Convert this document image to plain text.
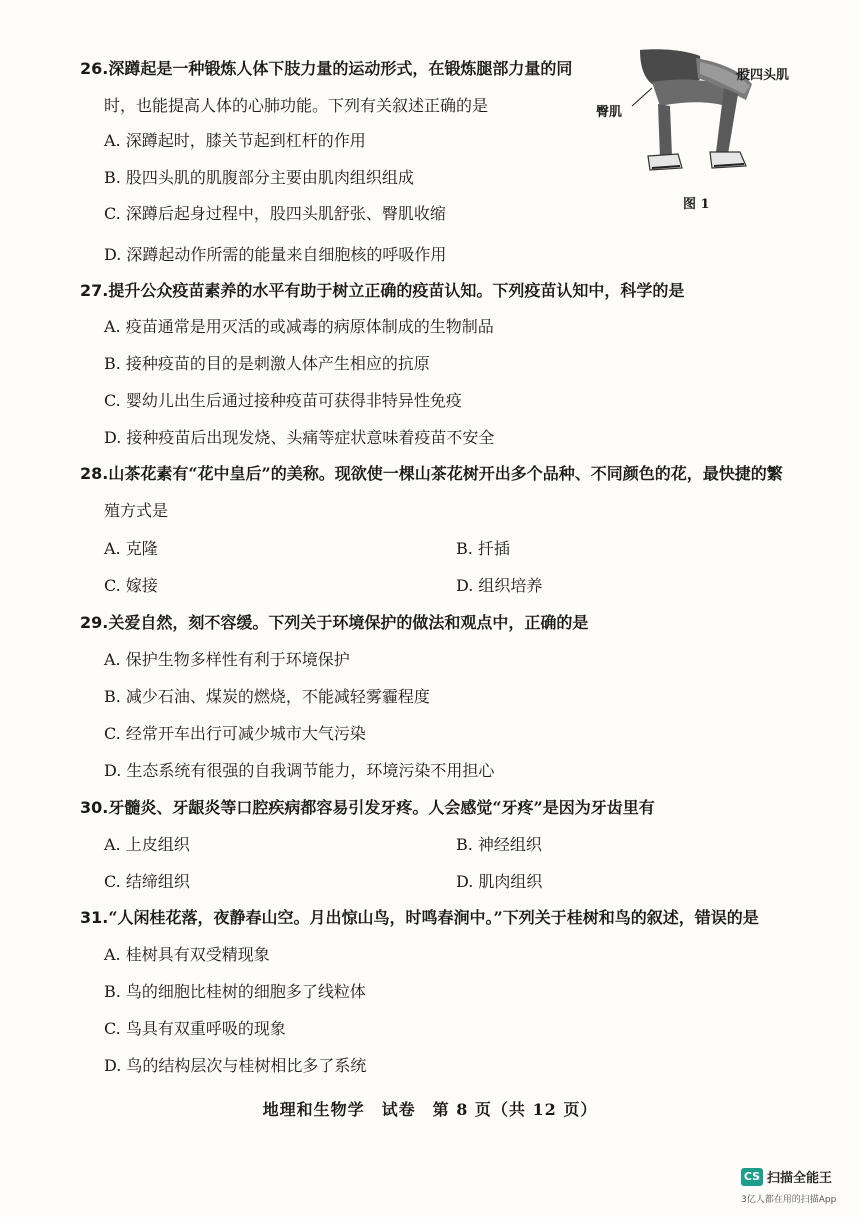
26.深蹲起是一种锻炼人体下肢力量的运动形式，在锻炼腿部力量的同
时，也能提高人体的心肺功能。下列有关叙述正确的是
A. 深蹲起时，膝关节起到杠杆的作用
B. 股四头肌的肌腹部分主要由肌肉组织组成
C. 深蹲后起身过程中，股四头肌舒张、臀肌收缩
D. 深蹲起动作所需的能量来自细胞核的呼吸作用
股四头肌
臀肌
图 1
27.提升公众疫苗素养的水平有助于树立正确的疫苗认知。下列疫苗认知中，科学的是
A. 疫苗通常是用灭活的或减毒的病原体制成的生物制品
B. 接种疫苗的目的是刺激人体产生相应的抗原
C. 婴幼儿出生后通过接种疫苗可获得非特异性免疫
D. 接种疫苗后出现发烧、头痛等症状意味着疫苗不安全
28.山茶花素有“花中皇后”的美称。现欲使一棵山茶花树开出多个品种、不同颜色的花，最快捷的繁
殖方式是
A. 克隆	B. 扦插
C. 嫁接	D. 组织培养
29.关爱自然，刻不容缓。下列关于环境保护的做法和观点中，正确的是
A. 保护生物多样性有利于环境保护
B. 减少石油、煤炭的燃烧，不能减轻雾霾程度
C. 经常开车出行可减少城市大气污染
D. 生态系统有很强的自我调节能力，环境污染不用担心
30.牙髓炎、牙龈炎等口腔疾病都容易引发牙疼。人会感觉“牙疼”是因为牙齿里有
A. 上皮组织	B. 神经组织
C. 结缔组织	D. 肌肉组织
31.“人闲桂花落，夜静春山空。月出惊山鸟，时鸣春涧中。”下列关于桂树和鸟的叙述，错误的是
A. 桂树具有双受精现象
B. 鸟的细胞比桂树的细胞多了线粒体
C. 鸟具有双重呼吸的现象
D. 鸟的结构层次与桂树相比多了系统
地理和生物学　试卷　第 8 页（共 12 页）
CS 扫描全能王
3亿人都在用的扫描App
